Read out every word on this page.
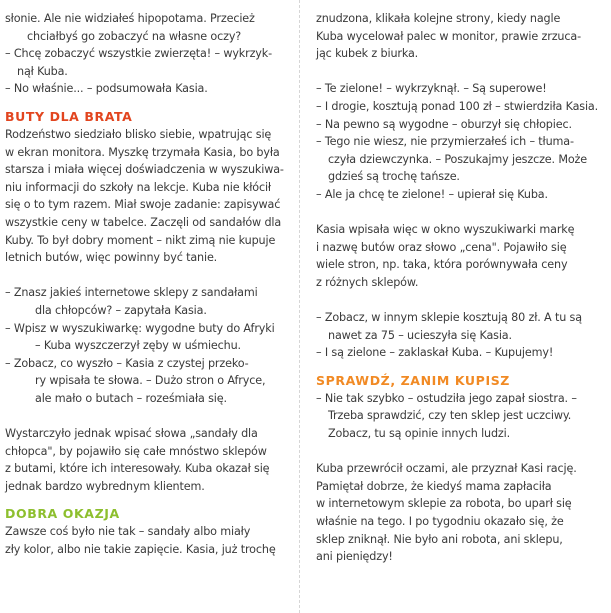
słonie. Ale nie widziałeś hipopotama. Przecież
chciałbyś go zobaczyć na własne oczy?
– Chcę zobaczyć wszystkie zwierzęta! – wykrzyk-
nął Kuba.
– No właśnie... – podsumowała Kasia.
BUTY DLA BRATA
Rodzeństwo siedziało blisko siebie, wpatrując się
w ekran monitora. Myszkę trzymała Kasia, bo była
starsza i miała więcej doświadczenia w wyszukiwa-
niu informacji do szkoły na lekcje. Kuba nie kłócił
się o to tym razem. Miał swoje zadanie: zapisywać
wszystkie ceny w tabelce. Zaczęli od sandałów dla
Kuby. To był dobry moment – nikt zimą nie kupuje
letnich butów, więc powinny być tanie.
– Znasz jakieś internetowe sklepy z sandałami
dla chłopców? – zapytała Kasia.
– Wpisz w wyszukiwarkę: wygodne buty do Afryki
– Kuba wyszczerzył zęby w uśmiechu.
– Zobacz, co wyszło – Kasia z czystej przeko-
ry wpisała te słowa. – Dużo stron o Afryce,
ale mało o butach – roześmiała się.
Wystarczyło jednak wpisać słowa „sandały dla
chłopca", by pojawiło się całe mnóstwo sklepów
z butami, które ich interesowały. Kuba okazał się
jednak bardzo wybrednym klientem.
DOBRA OKAZJA
Zawsze coś było nie tak – sandały albo miały
zły kolor, albo nie takie zapięcie. Kasia, już trochę
znudzona, klikała kolejne strony, kiedy nagle
Kuba wycelował palec w monitor, prawie zrzuca-
jąc kubek z biurka.
– Te zielone! – wykrzyknął. – Są superowe!
– I drogie, kosztują ponad 100 zł – stwierdziła Kasia.
– Na pewno są wygodne – oburzył się chłopiec.
– Tego nie wiesz, nie przymierzałeś ich – tłuma-
czyła dziewczynka. – Poszukajmy jeszcze. Może
gdzieś są trochę tańsze.
– Ale ja chcę te zielone! – upierał się Kuba.
Kasia wpisała więc w okno wyszukiwarki markę
i nazwę butów oraz słowo „cena". Pojawiło się
wiele stron, np. taka, która porównywała ceny
z różnych sklepów.
– Zobacz, w innym sklepie kosztują 80 zł. A tu są
nawet za 75 – ucieszyła się Kasia.
– I są zielone – zaklaskał Kuba. – Kupujemy!
SPRAWDŹ, ZANIM KUPISZ
– Nie tak szybko – ostudziła jego zapał siostra. –
Trzeba sprawdzić, czy ten sklep jest uczciwy.
Zobacz, tu są opinie innych ludzi.
Kuba przewrócił oczami, ale przyznał Kasi rację.
Pamiętał dobrze, że kiedyś mama zapłaciła
w internetowym sklepie za robota, bo uparł się
właśnie na tego. I po tygodniu okazało się, że
sklep zniknął. Nie było ani robota, ani sklepu,
ani pieniędzy!
